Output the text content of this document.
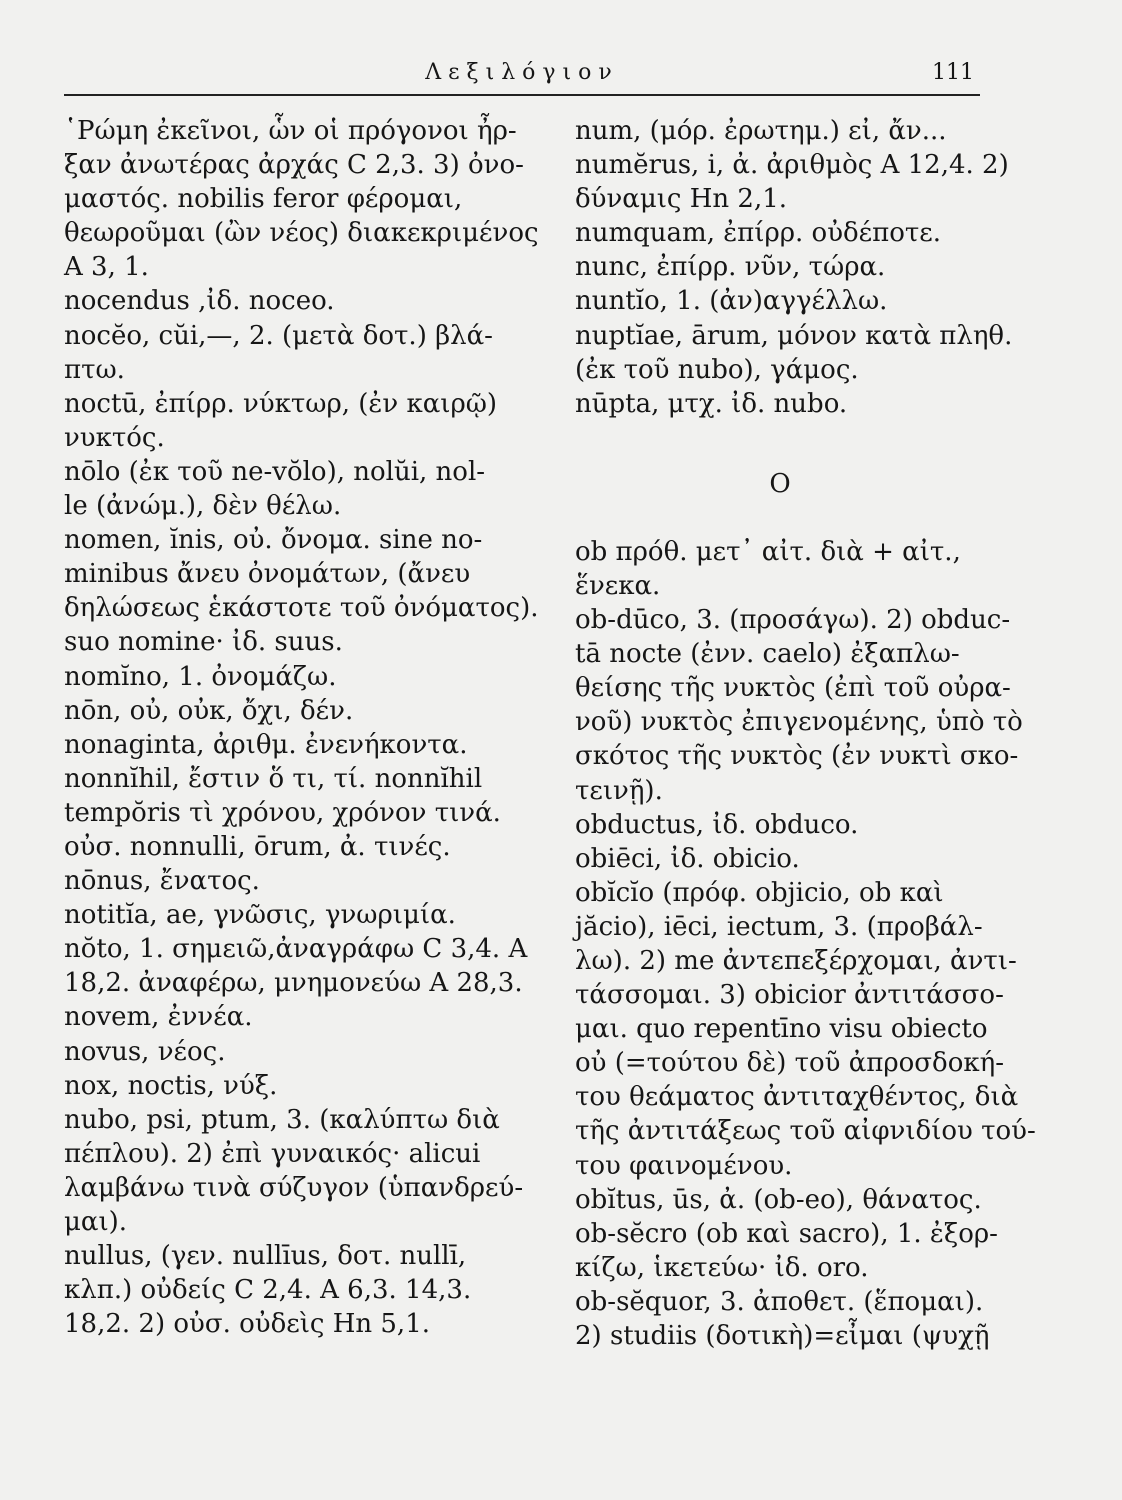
Λεξιλόγιον	111
῾Ρώμη ἐκεῖνοι, ὧν οἱ πρόγονοι ἦρ-
ξαν ἀνωτέρας ἀρχάς C 2,3. 3) ὀνο-
μαστός. nobilis feror φέρομαι,
θεωροῦμαι (ὢν νέος) διακεκριμένος
A 3, 1.
nocendus ,ἰδ. noceo.
nocĕo, cŭi,—, 2. (μετὰ δοτ.) βλά-
πτω.
noctū, ἐπίρρ. νύκτωρ, (ἐν καιρῷ)
νυκτός.
nōlo (ἐκ τοῦ ne-vŏlo), nolŭi, nol-
le (ἀνώμ.), δὲν θέλω.
nomen, ĭnis, οὐ. ὄνομα. sine no-
minibus ἄνευ ὀνομάτων, (ἄνευ
δηλώσεως ἑκάστοτε τοῦ ὀνόματος).
suo nomine· ἰδ. suus.
nomĭno, 1. ὀνομάζω.
nōn, οὐ, οὐκ, ὄχι, δέν.
nonaginta, ἀριθμ. ἐνενήκοντα.
nonnĭhil, ἔστιν ὅ τι, τί. nonnĭhil
tempŏris τὶ χρόνου, χρόνον τινά.
οὐσ. nonnulli, ōrum, ἀ. τινές.
nōnus, ἔνατος.
notitĭa, ae, γνῶσις, γνωριμία.
nŏto, 1. σημειῶ,ἀναγράφω C 3,4. A
18,2. ἀναφέρω, μνημονεύω A 28,3.
novem, ἐννέα.
novus, νέος.
nox, noctis, νύξ.
nubo, psi, ptum, 3. (καλύπτω διὰ
πέπλου). 2) ἐπὶ γυναικός· alicui
λαμβάνω τινὰ σύζυγον (ὑπανδρεύ-
μαι).
nullus, (γεν. nullīus, δοτ. nullī,
κλπ.) οὐδείς C 2,4. A 6,3. 14,3.
18,2. 2) οὐσ. οὐδεὶς Hn 5,1.
num, (μόρ. ἐρωτημ.) εἰ, ἄν...
numĕrus, i, ἀ. ἀριθμὸς A 12,4. 2)
δύναμις Hn 2,1.
numquam, ἐπίρρ. οὐδέποτε.
nunc, ἐπίρρ. νῦν, τώρα.
nuntĭo, 1. (ἀν)αγγέλλω.
nuptĭae, ārum, μόνον κατὰ πληθ.
(ἐκ τοῦ nubo), γάμος.
nūpta, μτχ. ἰδ. nubo.
O
ob πρόθ. μετ᾽ αἰτ. διὰ + αἰτ.,
ἕνεκα.
ob-dūco, 3. (προσάγω). 2) obduc-
tā nocte (ἐνν. caelo) ἐξαπλω-
θείσης τῆς νυκτὸς (ἐπὶ τοῦ οὐρα-
νοῦ) νυκτὸς ἐπιγενομένης, ὑπὸ τὸ
σκότος τῆς νυκτὸς (ἐν νυκτὶ σκο-
τεινῇ).
obductus, ἰδ. obduco.
obiēci, ἰδ. obicio.
obĭcĭo (πρόφ. objicio, ob καὶ
jăcio), iēci, iectum, 3. (προβάλ-
λω). 2) me ἀντεπεξέρχομαι, ἀντι-
τάσσομαι. 3) obicior ἀντιτάσσο-
μαι. quo repentīno visu obiecto
οὐ (=τούτου δὲ) τοῦ ἀπροσδοκή-
του θεάματος ἀντιταχθέντος, διὰ
τῆς ἀντιτάξεως τοῦ αἰφνιδίου τού-
του φαινομένου.
obĭtus, ūs, ἀ. (ob-eo), θάνατος.
ob-sĕcro (ob καὶ sacro), 1. ἐξορ-
κίζω, ἱκετεύω· ἰδ. oro.
ob-sĕquor, 3. ἀποθετ. (ἕπομαι).
2) studiis (δοτικὴ)=εἶμαι (ψυχῇ
